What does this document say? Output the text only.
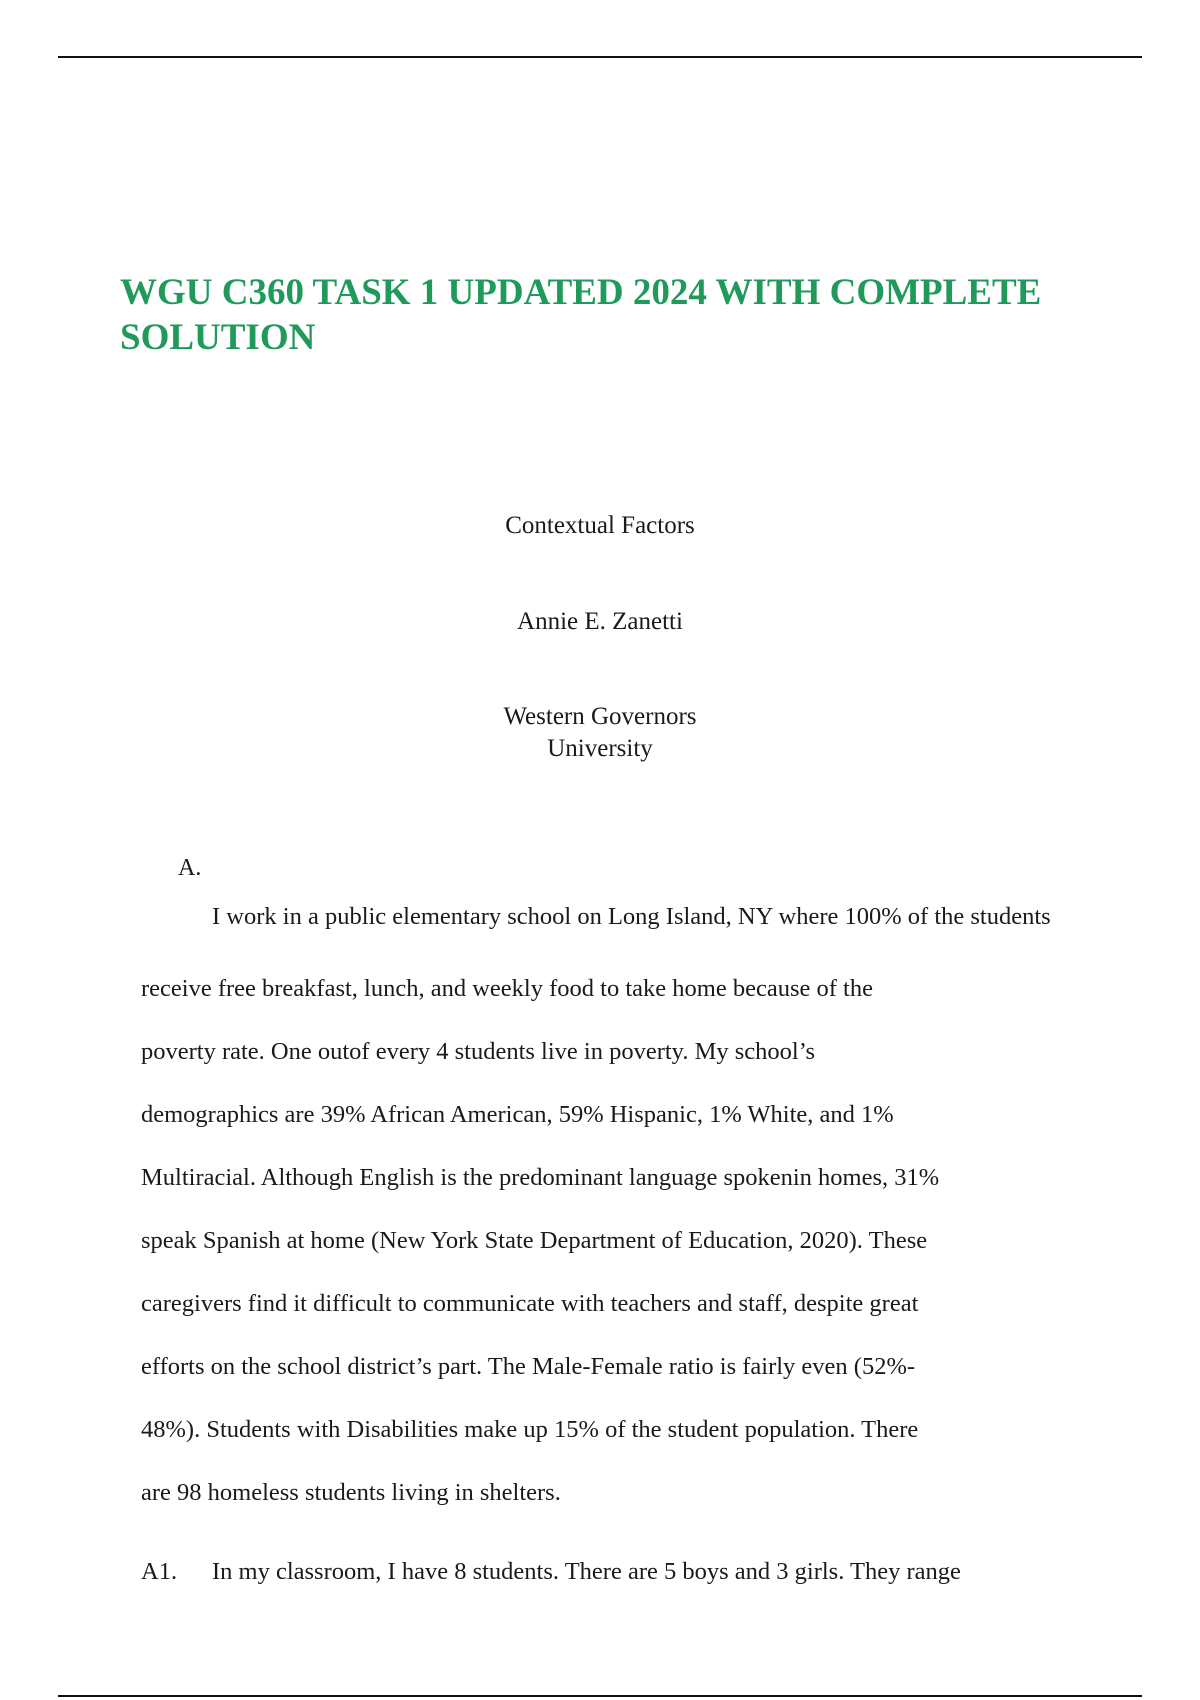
WGU C360 TASK 1 UPDATED 2024 WITH COMPLETE SOLUTION
Contextual Factors
Annie E. Zanetti
Western Governors
University
A.
I work in a public elementary school on Long Island, NY where 100% of the students
receive free breakfast, lunch, and weekly food to take home because of the
poverty rate. One outof every 4 students live in poverty. My school’s
demographics are 39% African American, 59% Hispanic, 1% White, and 1%
Multiracial. Although English is the predominant language spokenin homes, 31%
speak Spanish at home (New York State Department of Education, 2020). These
caregivers find it difficult to communicate with teachers and staff, despite great
efforts on the school district’s part. The Male-Female ratio is fairly even (52%-
48%). Students with Disabilities make up 15% of the student population. There
are 98 homeless students living in shelters.
A1. In my classroom, I have 8 students. There are 5 boys and 3 girls. They range
